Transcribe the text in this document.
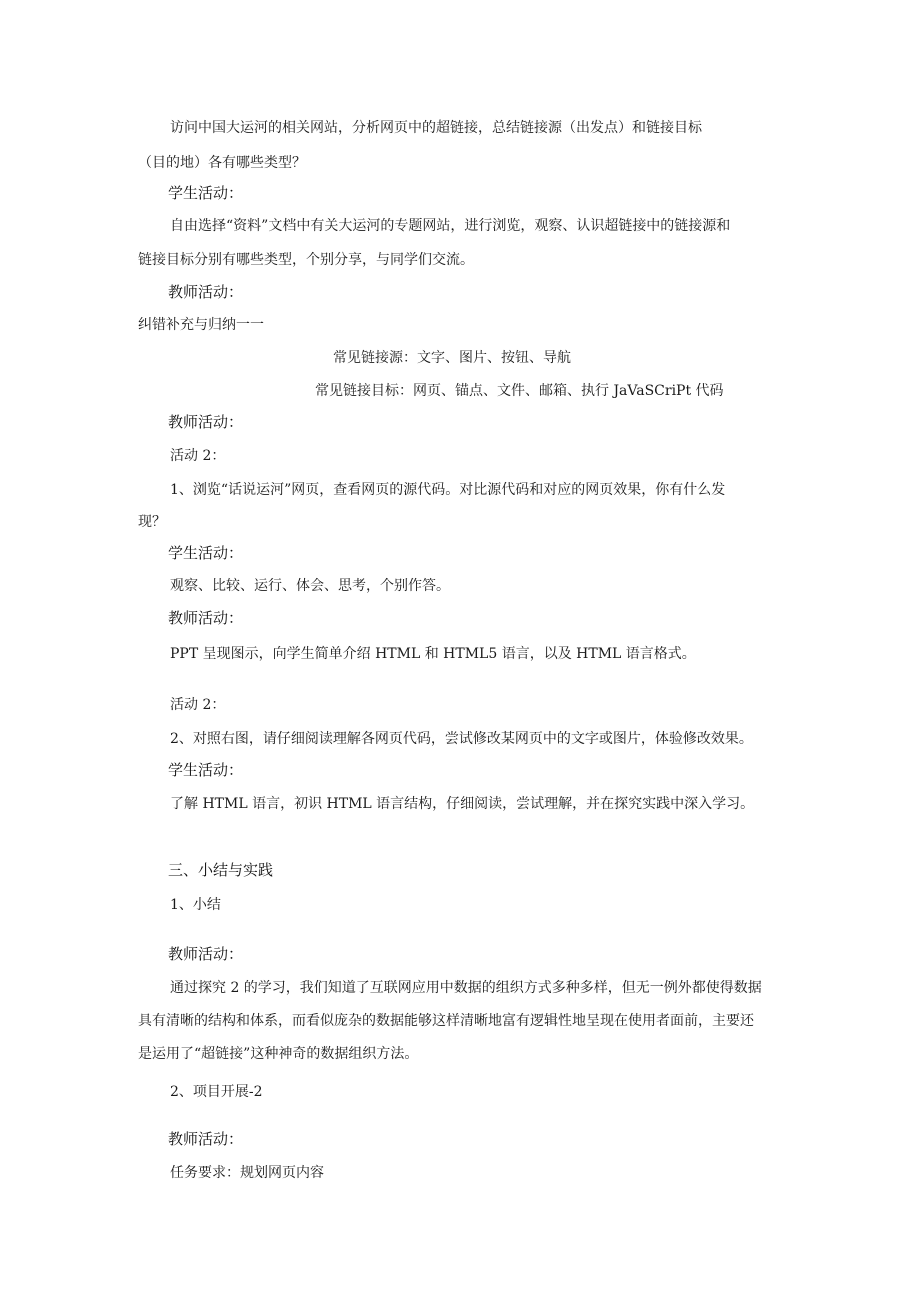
访问中国大运河的相关网站，分析网页中的超链接，总结链接源（出发点）和链接目标
（目的地）各有哪些类型？
学生活动：
自由选择“资料”文档中有关大运河的专题网站，进行浏览，观察、认识超链接中的链接源和
链接目标分别有哪些类型，个别分享，与同学们交流。
教师活动：
纠错补充与归纳一一
常见链接源：文字、图片、按钮、导航
常见链接目标：网页、锚点、文件、邮箱、执行 JaVaSCriPt 代码
教师活动：
活动 2：
1、浏览“话说运河”网页，查看网页的源代码。对比源代码和对应的网页效果，你有什么发
现？
学生活动：
观察、比较、运行、体会、思考，个别作答。
教师活动：
PPT 呈现图示，向学生简单介绍 HTML 和 HTML5 语言，以及 HTML 语言格式。
活动 2：
2、对照右图，请仔细阅读理解各网页代码，尝试修改某网页中的文字或图片，体验修改效果。
学生活动：
了解 HTML 语言，初识 HTML 语言结构，仔细阅读，尝试理解，并在探究实践中深入学习。
三、小结与实践
1、小结
教师活动：
通过探究 2 的学习，我们知道了互联网应用中数据的组织方式多种多样，但无一例外都使得数据
具有清晰的结构和体系，而看似庞杂的数据能够这样清晰地富有逻辑性地呈现在使用者面前，主要还
是运用了“超链接”这种神奇的数据组织方法。
2、项目开展-2
教师活动：
任务要求：规划网页内容
